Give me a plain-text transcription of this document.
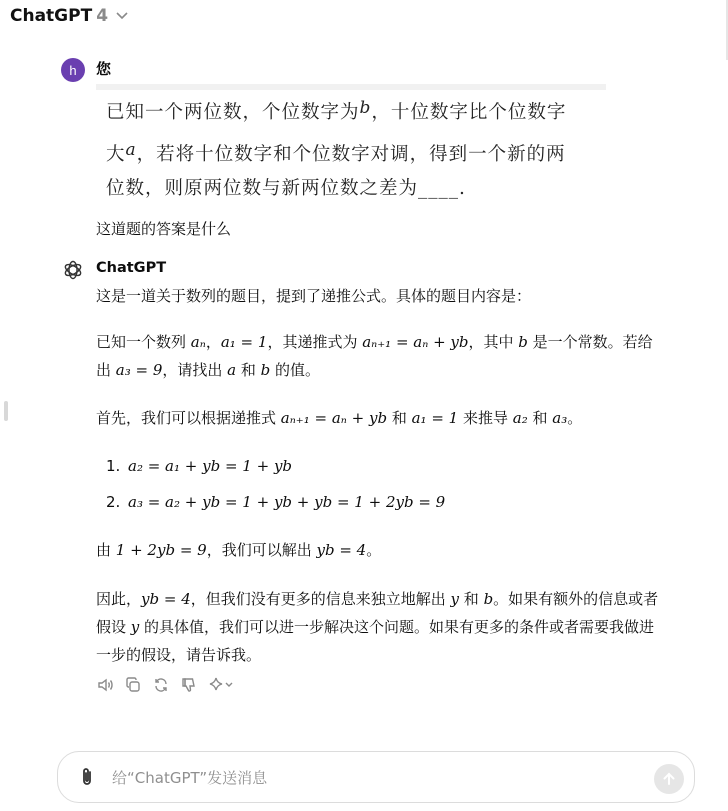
ChatGPT 4
h	您
已知一个两位数，个位数字为b，十位数字比个位数字
大a，若将十位数字和个位数字对调，得到一个新的两
位数，则原两位数与新两位数之差为____.
这道题的答案是什么
ChatGPT
这是一道关于数列的题目，提到了递推公式。具体的题目内容是：
已知一个数列 aₙ，a₁ = 1，其递推式为 aₙ₊₁ = aₙ + yb，其中 b 是一个常数。若给
出 a₃ = 9，请找出 a 和 b 的值。
首先，我们可以根据递推式 aₙ₊₁ = aₙ + yb 和 a₁ = 1 来推导 a₂ 和 a₃。
1. a₂ = a₁ + yb = 1 + yb
2. a₃ = a₂ + yb = 1 + yb + yb = 1 + 2yb = 9
由 1 + 2yb = 9，我们可以解出 yb = 4。
因此，yb = 4，但我们没有更多的信息来独立地解出 y 和 b。如果有额外的信息或者
假设 y 的具体值，我们可以进一步解决这个问题。如果有更多的条件或者需要我做进
一步的假设，请告诉我。
给“ChatGPT”发送消息
